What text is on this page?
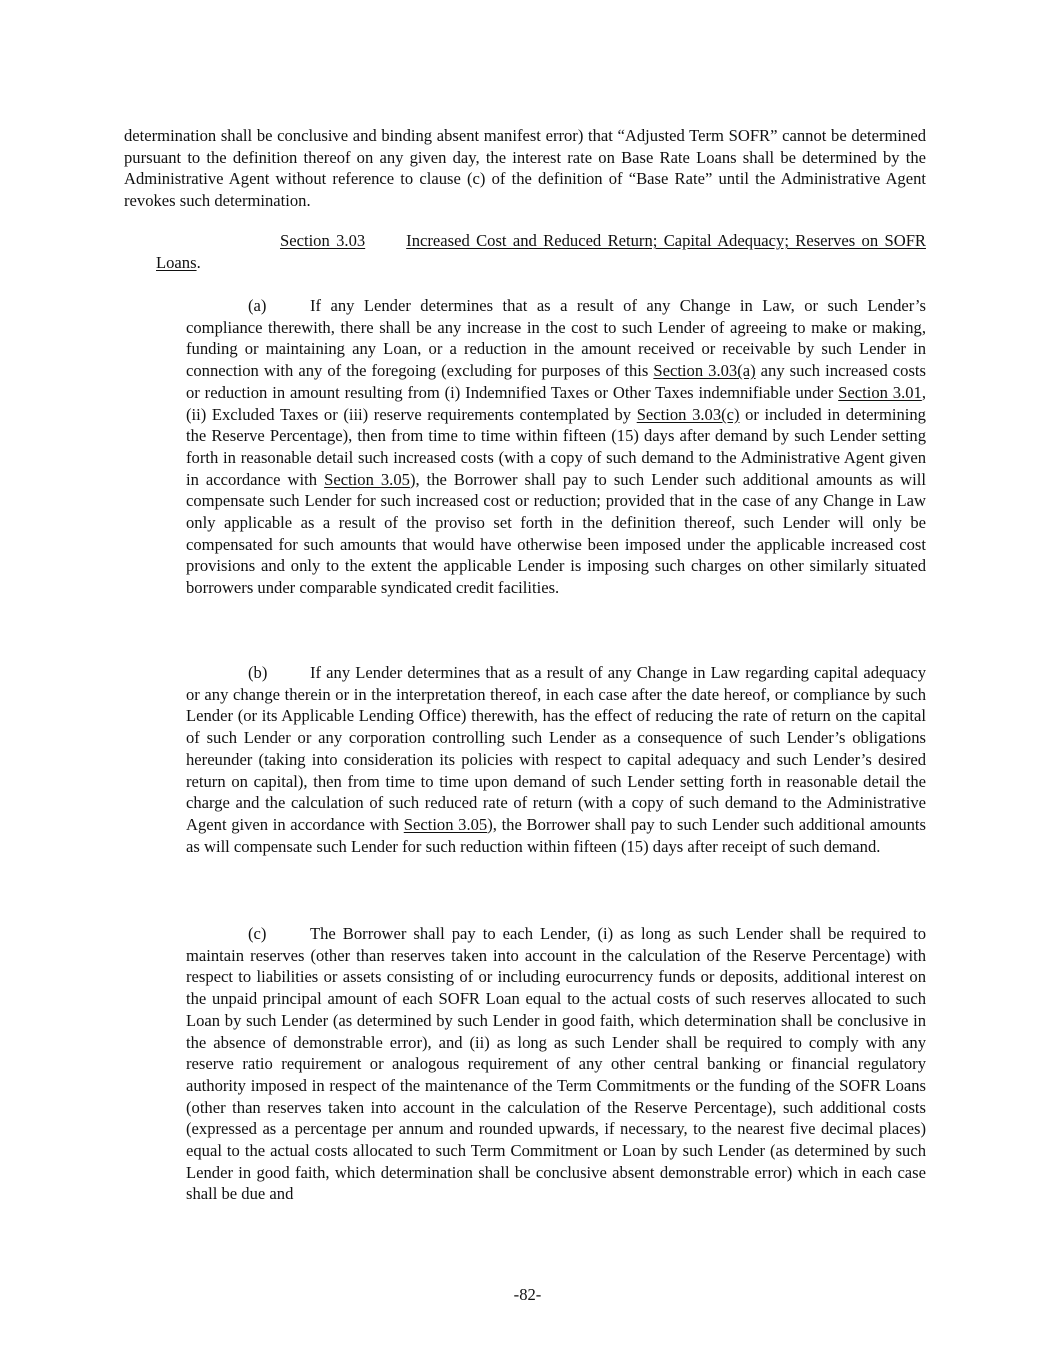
determination shall be conclusive and binding absent manifest error) that “Adjusted Term SOFR” cannot be determined pursuant to the definition thereof on any given day, the interest rate on Base Rate Loans shall be determined by the Administrative Agent without reference to clause (c) of the definition of “Base Rate” until the Administrative Agent revokes such determination.

Section 3.03 Increased Cost and Reduced Return; Capital Adequacy; Reserves on SOFR Loans.

(a)	If any Lender determines that as a result of any Change in Law, or such Lender’s compliance therewith, there shall be any increase in the cost to such Lender of agreeing to make or making, funding or maintaining any Loan, or a reduction in the amount received or receivable by such Lender in connection with any of the foregoing (excluding for purposes of this Section 3.03(a) any such increased costs or reduction in amount resulting from (i) Indemnified Taxes or Other Taxes indemnifiable under Section 3.01, (ii) Excluded Taxes or (iii) reserve requirements contemplated by Section 3.03(c) or included in determining the Reserve Percentage), then from time to time within fifteen (15) days after demand by such Lender setting forth in reasonable detail such increased costs (with a copy of such demand to the Administrative Agent given in accordance with Section 3.05), the Borrower shall pay to such Lender such additional amounts as will compensate such Lender for such increased cost or reduction; provided that in the case of any Change in Law only applicable as a result of the proviso set forth in the definition thereof, such Lender will only be compensated for such amounts that would have otherwise been imposed under the applicable increased cost provisions and only to the extent the applicable Lender is imposing such charges on other similarly situated borrowers under comparable syndicated credit facilities.

(b)	If any Lender determines that as a result of any Change in Law regarding capital adequacy or any change therein or in the interpretation thereof, in each case after the date hereof, or compliance by such Lender (or its Applicable Lending Office) therewith, has the effect of reducing the rate of return on the capital of such Lender or any corporation controlling such Lender as a consequence of such Lender’s obligations hereunder (taking into consideration its policies with respect to capital adequacy and such Lender’s desired return on capital), then from time to time upon demand of such Lender setting forth in reasonable detail the charge and the calculation of such reduced rate of return (with a copy of such demand to the Administrative Agent given in accordance with Section 3.05), the Borrower shall pay to such Lender such additional amounts as will compensate such Lender for such reduction within fifteen (15) days after receipt of such demand.

(c)	The Borrower shall pay to each Lender, (i) as long as such Lender shall be required to maintain reserves (other than reserves taken into account in the calculation of the Reserve Percentage) with respect to liabilities or assets consisting of or including eurocurrency funds or deposits, additional interest on the unpaid principal amount of each SOFR Loan equal to the actual costs of such reserves allocated to such Loan by such Lender (as determined by such Lender in good faith, which determination shall be conclusive in the absence of demonstrable error), and (ii) as long as such Lender shall be required to comply with any reserve ratio requirement or analogous requirement of any other central banking or financial regulatory authority imposed in respect of the maintenance of the Term Commitments or the funding of the SOFR Loans (other than reserves taken into account in the calculation of the Reserve Percentage), such additional costs (expressed as a percentage per annum and rounded upwards, if necessary, to the nearest five decimal places) equal to the actual costs allocated to such Term Commitment or Loan by such Lender (as determined by such Lender in good faith, which determination shall be conclusive absent demonstrable error) which in each case shall be due and

-82-
